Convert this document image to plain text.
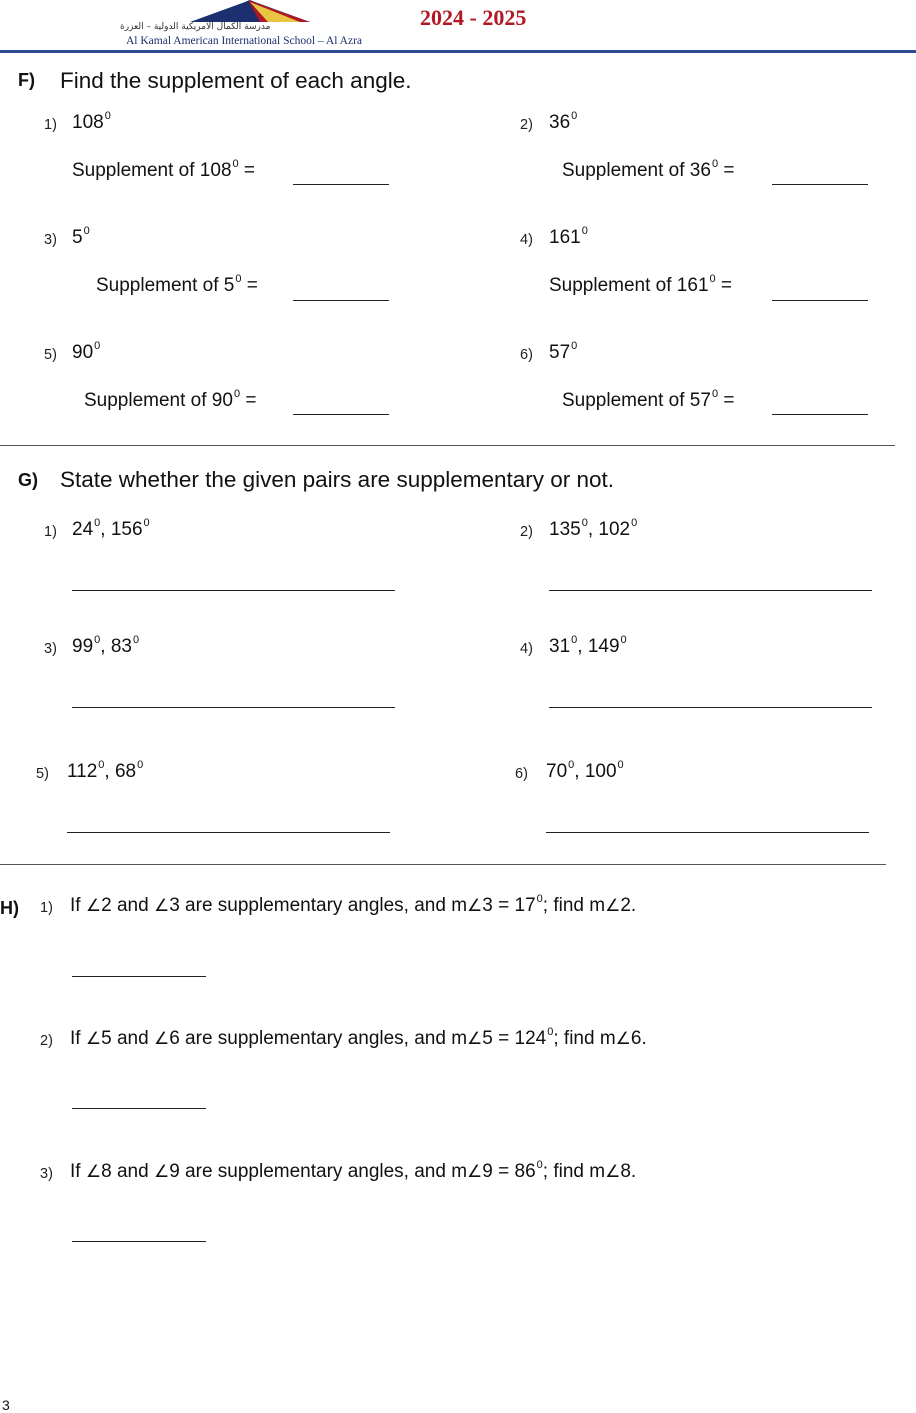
مدرسة الكمال الأمريكية الدولية – العزرة
Al Kamal American International School – Al Azra
2024 - 2025
F) Find the supplement of each angle.
1) $108^0$
Supplement of $108^0$ =
2) $36^0$
Supplement of $36^0$ =
3) $5^0$
Supplement of $5^0$ =
4) $161^0$
Supplement of $161^0$ =
5) $90^0$
Supplement of $90^0$ =
6) $57^0$
Supplement of $57^0$ =
G) State whether the given pairs are supplementary or not.
1) $24^0$, $156^0$
2) $135^0$, $102^0$
3) $99^0$, $83^0$
4) $31^0$, $149^0$
5) $112^0$, $68^0$
6) $70^0$, $100^0$
H) 1) If ∠2 and ∠3 are supplementary angles, and m∠3 = $17^0$; find m∠2.
2) If ∠5 and ∠6 are supplementary angles, and m∠5 = $124^0$; find m∠6.
3) If ∠8 and ∠9 are supplementary angles, and m∠9 = $86^0$; find m∠8.
3
